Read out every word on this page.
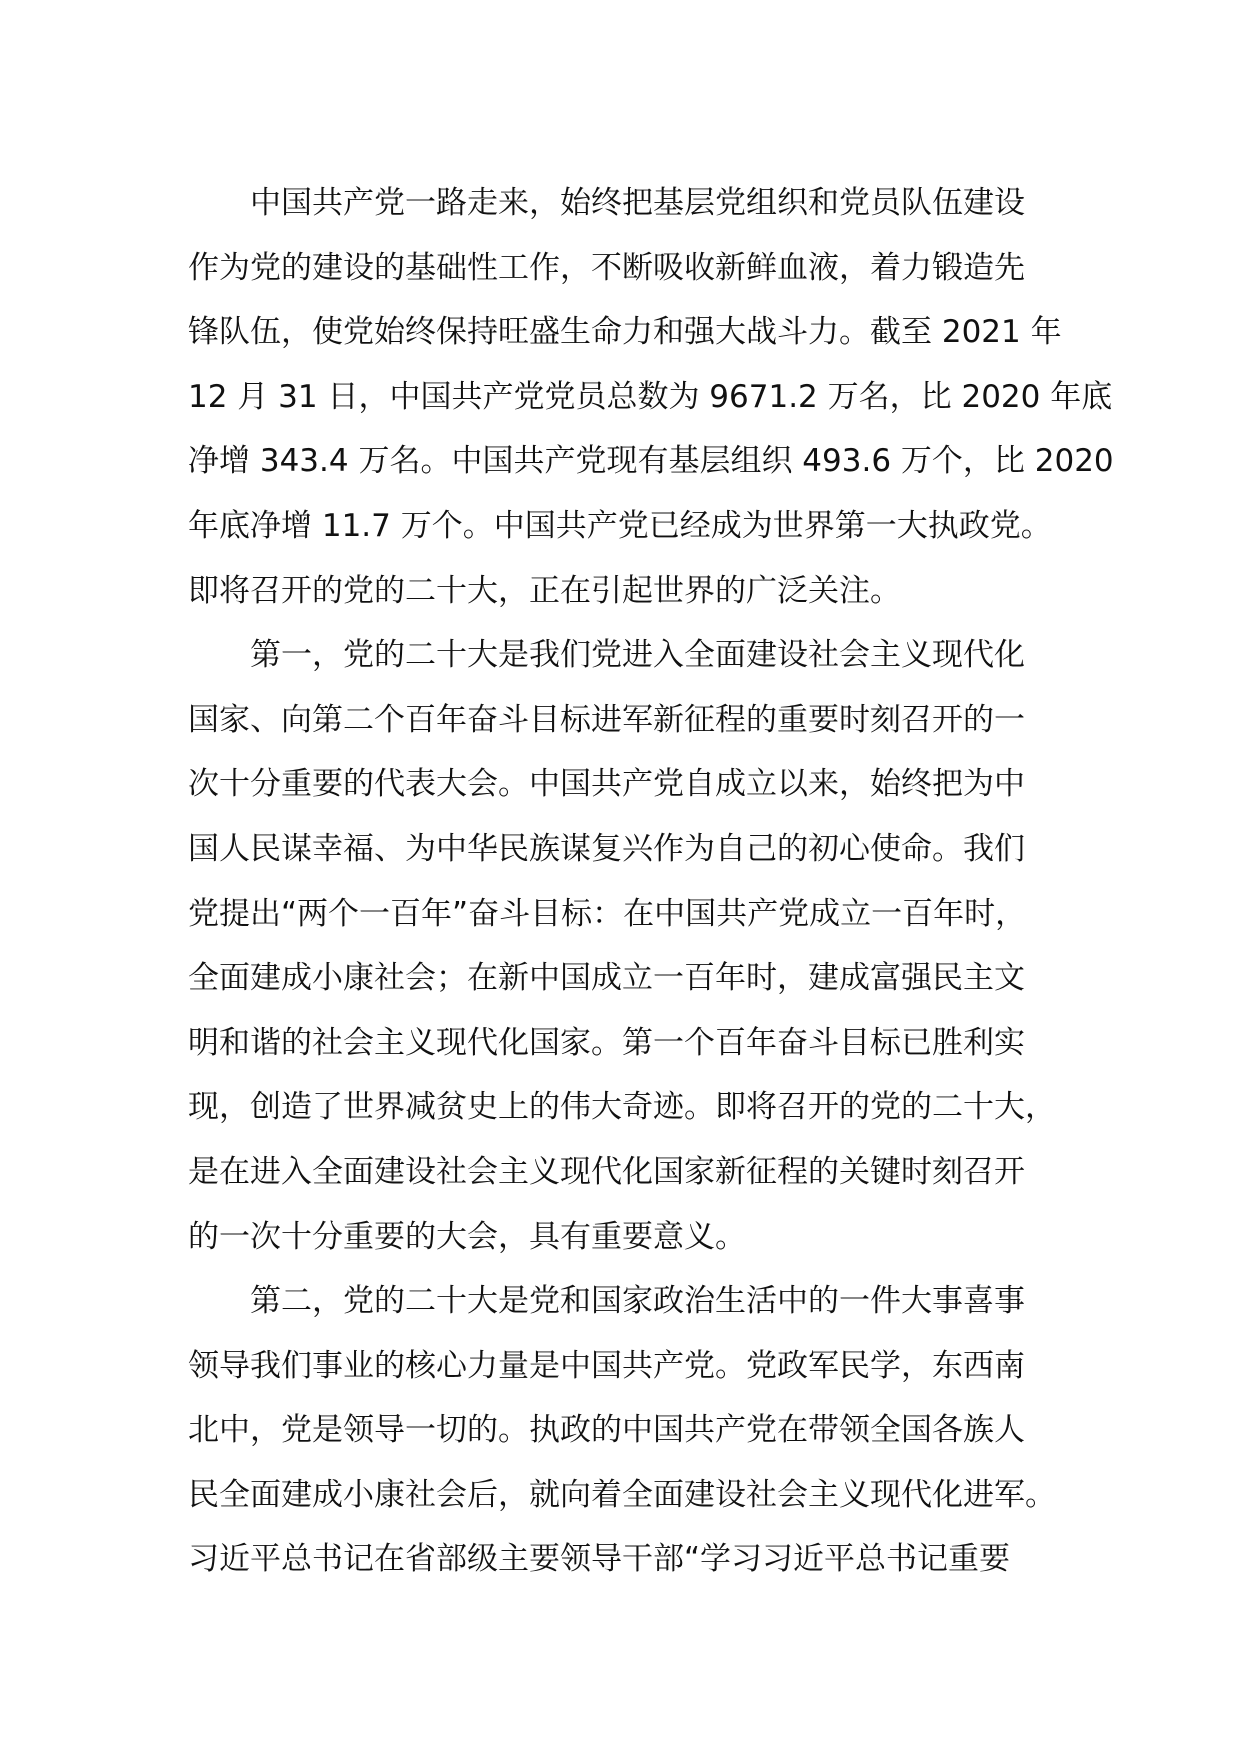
中国共产党一路走来，始终把基层党组织和党员队伍建设
作为党的建设的基础性工作，不断吸收新鲜血液，着力锻造先
锋队伍，使党始终保持旺盛生命力和强大战斗力。截至 2021 年
12 月 31 日，中国共产党党员总数为 9671.2 万名，比 2020 年底
净增 343.4 万名。中国共产党现有基层组织 493.6 万个，比 2020
年底净增 11.7 万个。中国共产党已经成为世界第一大执政党。
即将召开的党的二十大，正在引起世界的广泛关注。
第一，党的二十大是我们党进入全面建设社会主义现代化
国家、向第二个百年奋斗目标进军新征程的重要时刻召开的一
次十分重要的代表大会。中国共产党自成立以来，始终把为中
国人民谋幸福、为中华民族谋复兴作为自己的初心使命。我们
党提出“两个一百年”奋斗目标：在中国共产党成立一百年时，
全面建成小康社会；在新中国成立一百年时，建成富强民主文
明和谐的社会主义现代化国家。第一个百年奋斗目标已胜利实
现，创造了世界减贫史上的伟大奇迹。即将召开的党的二十大，
是在进入全面建设社会主义现代化国家新征程的关键时刻召开
的一次十分重要的大会，具有重要意义。
第二，党的二十大是党和国家政治生活中的一件大事喜事
领导我们事业的核心力量是中国共产党。党政军民学，东西南
北中，党是领导一切的。执政的中国共产党在带领全国各族人
民全面建成小康社会后，就向着全面建设社会主义现代化进军。
习近平总书记在省部级主要领导干部“学习习近平总书记重要
